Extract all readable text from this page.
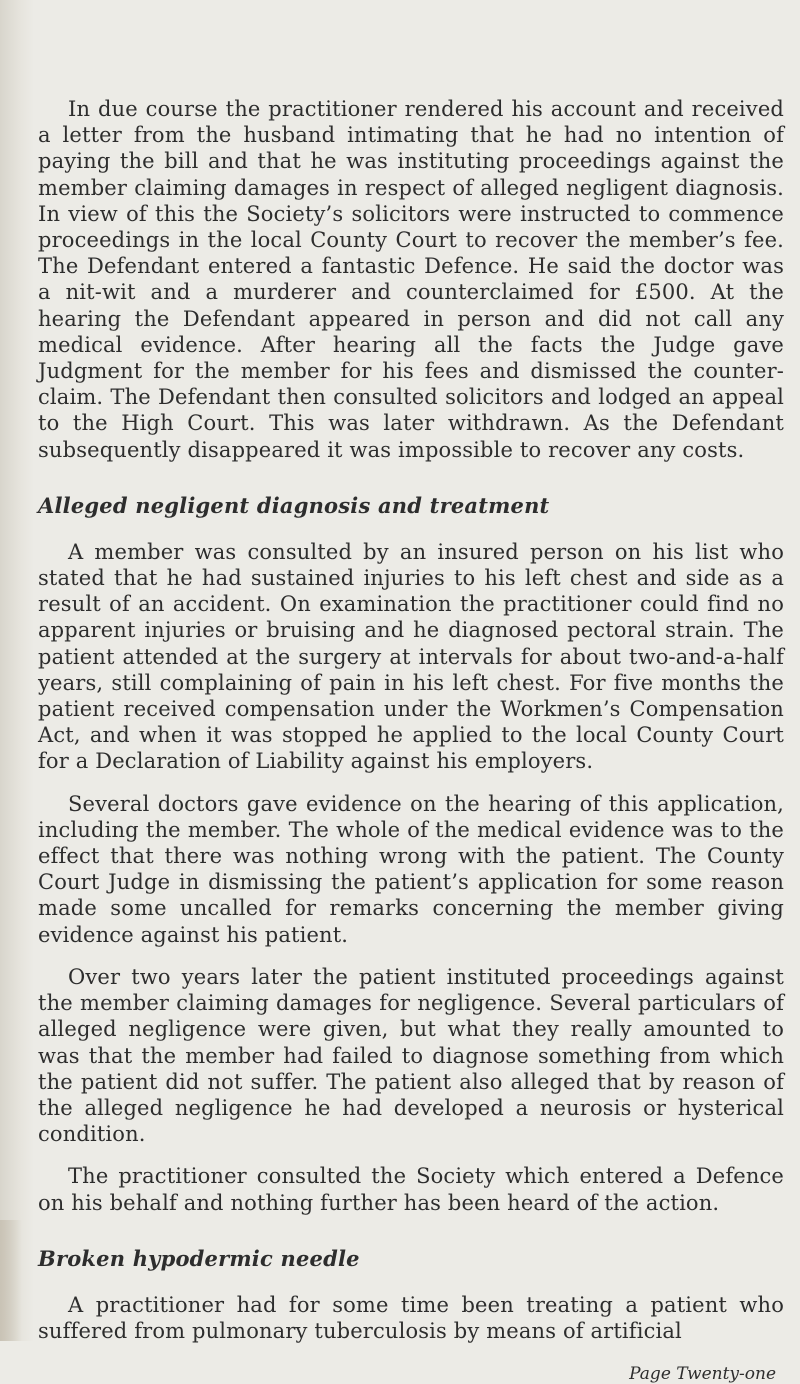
In due course the practitioner rendered his account and received a letter from the husband intimating that he had no intention of paying the bill and that he was instituting proceedings against the member claiming damages in respect of alleged negligent diagnosis. In view of this the Society’s solicitors were instructed to commence proceedings in the local County Court to recover the member’s fee. The Defendant entered a fantastic Defence. He said the doctor was a nit-wit and a murderer and counterclaimed for £500. At the hearing the Defendant appeared in person and did not call any medical evidence. After hearing all the facts the Judge gave Judgment for the member for his fees and dismissed the counter-claim. The Defendant then consulted solicitors and lodged an appeal to the High Court. This was later withdrawn. As the Defendant subsequently disappeared it was impossible to recover any costs.

Alleged negligent diagnosis and treatment

A member was consulted by an insured person on his list who stated that he had sustained injuries to his left chest and side as a result of an accident. On examination the practitioner could find no apparent injuries or bruising and he diagnosed pectoral strain. The patient attended at the surgery at intervals for about two-and-a-half years, still complaining of pain in his left chest. For five months the patient received compensation under the Workmen’s Compensation Act, and when it was stopped he applied to the local County Court for a Declaration of Liability against his employers.

Several doctors gave evidence on the hearing of this application, including the member. The whole of the medical evidence was to the effect that there was nothing wrong with the patient. The County Court Judge in dismissing the patient’s application for some reason made some uncalled for remarks concerning the member giving evidence against his patient.

Over two years later the patient instituted proceedings against the member claiming damages for negligence. Several particulars of alleged negligence were given, but what they really amounted to was that the member had failed to diagnose something from which the patient did not suffer. The patient also alleged that by reason of the alleged negligence he had developed a neurosis or hysterical condition.

The practitioner consulted the Society which entered a Defence on his behalf and nothing further has been heard of the action.

Broken hypodermic needle

A practitioner had for some time been treating a patient who suffered from pulmonary tuberculosis by means of artificial

Page Twenty-one
